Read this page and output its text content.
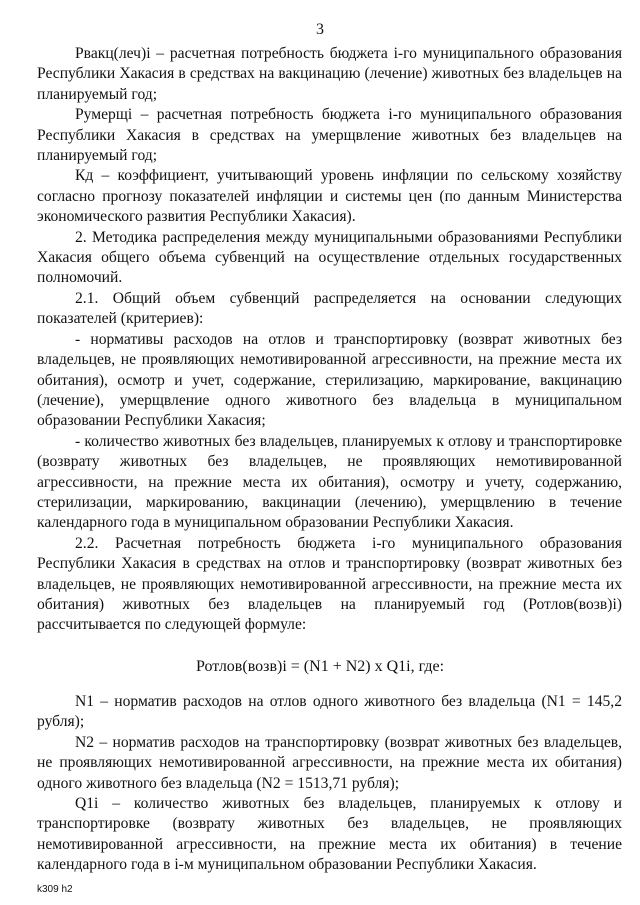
3

Рвакц(леч)i – расчетная потребность бюджета i-го муниципального образования Республики Хакасия в средствах на вакцинацию (лечение) животных без владельцев на планируемый год;

Румерщi – расчетная потребность бюджета i-го муниципального образования Республики Хакасия в средствах на умерщвление животных без владельцев на планируемый год;

Кд – коэффициент, учитывающий уровень инфляции по сельскому хозяйству согласно прогнозу показателей инфляции и системы цен (по данным Министерства экономического развития Республики Хакасия).

2. Методика распределения между муниципальными образованиями Республики Хакасия общего объема субвенций на осуществление отдельных государственных полномочий.

2.1. Общий объем субвенций распределяется на основании следующих показателей (критериев):

- нормативы расходов на отлов и транспортировку (возврат животных без владельцев, не проявляющих немотивированной агрессивности, на прежние места их обитания), осмотр и учет, содержание, стерилизацию, маркирование, вакцинацию (лечение), умерщвление одного животного без владельца в муниципальном образовании Республики Хакасия;

- количество животных без владельцев, планируемых к отлову и транспортировке (возврату животных без владельцев, не проявляющих немотивированной агрессивности, на прежние места их обитания), осмотру и учету, содержанию, стерилизации, маркированию, вакцинации (лечению), умерщвлению в течение календарного года в муниципальном образовании Республики Хакасия.

2.2. Расчетная потребность бюджета i-го муниципального образования Республики Хакасия в средствах на отлов и транспортировку (возврат животных без владельцев, не проявляющих немотивированной агрессивности, на прежние места их обитания) животных без владельцев на планируемый год (Ротлов(возв)i) рассчитывается по следующей формуле:

Ротлов(возв)i = (N1 + N2) x Q1i, где:

N1 – норматив расходов на отлов одного животного без владельца (N1 = 145,2 рубля);

N2 – норматив расходов на транспортировку (возврат животных без владельцев, не проявляющих немотивированной агрессивности, на прежние места их обитания) одного животного без владельца (N2 = 1513,71 рубля);

Q1i – количество животных без владельцев, планируемых к отлову и транспортировке (возврату животных без владельцев, не проявляющих немотивированной агрессивности, на прежние места их обитания) в течение календарного года в i-м муниципальном образовании Республики Хакасия.

k309 h2
